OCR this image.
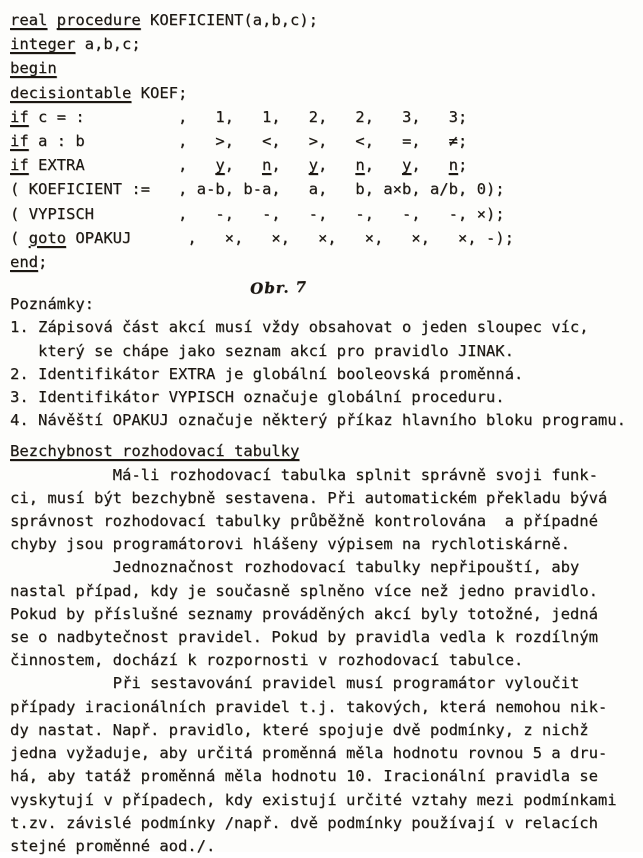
real procedure KOEFICIENT(a,b,c);
integer a,b,c;
begin
decisiontable KOEF;
if c = :          ,   1,   1,   2,   2,   3,   3;
if a : b          ,   >,   <,   >,   <,   =,   ≠;
if EXTRA          ,   y,   n,   y,   n,   y,   n;
( KOEFICIENT :=   , a-b, b-a,   a,   b, a×b, a/b, 0);
( VYPISCH         ,   -,   -,   -,   -,   -,   -, ×);
( goto OPAKUJ      ,   ×,   ×,   ×,   ×,   ×,   ×, -);
end;
Obr. 7
Poznámky:
1. Zápisová část akcí musí vždy obsahovat o jeden sloupec víc,
který se chápe jako seznam akcí pro pravidlo JINAK.
2. Identifikátor EXTRA je globální booleovská proměnná.
3. Identifikátor VYPISCH označuje globální proceduru.
4. Návěští OPAKUJ označuje některý příkaz hlavního bloku programu.
Bezchybnost rozhodovací tabulky
Má-li rozhodovací tabulka splnit správně svoji funk-
ci, musí být bezchybně sestavena. Při automatickém překladu bývá
správnost rozhodovací tabulky průběžně kontrolována  a případné
chyby jsou programátorovi hlášeny výpisem na rychlotiskárně.
Jednoznačnost rozhodovací tabulky nepřipouští, aby
nastal případ, kdy je současně splněno více než jedno pravidlo.
Pokud by příslušné seznamy prováděných akcí byly totožné, jedná
se o nadbytečnost pravidel. Pokud by pravidla vedla k rozdílným
činnostem, dochází k rozpornosti v rozhodovací tabulce.
Při sestavování pravidel musí programátor vyloučit
případy iracionálních pravidel t.j. takových, která nemohou nik-
dy nastat. Např. pravidlo, které spojuje dvě podmínky, z nichž
jedna vyžaduje, aby určitá proměnná měla hodnotu rovnou 5 a dru-
há, aby tatáž proměnná měla hodnotu 10. Iracionální pravidla se
vyskytují v případech, kdy existují určité vztahy mezi podmínkami
t.zv. závislé podmínky /např. dvě podmínky používají v relacích
stejné proměnné aod./.
